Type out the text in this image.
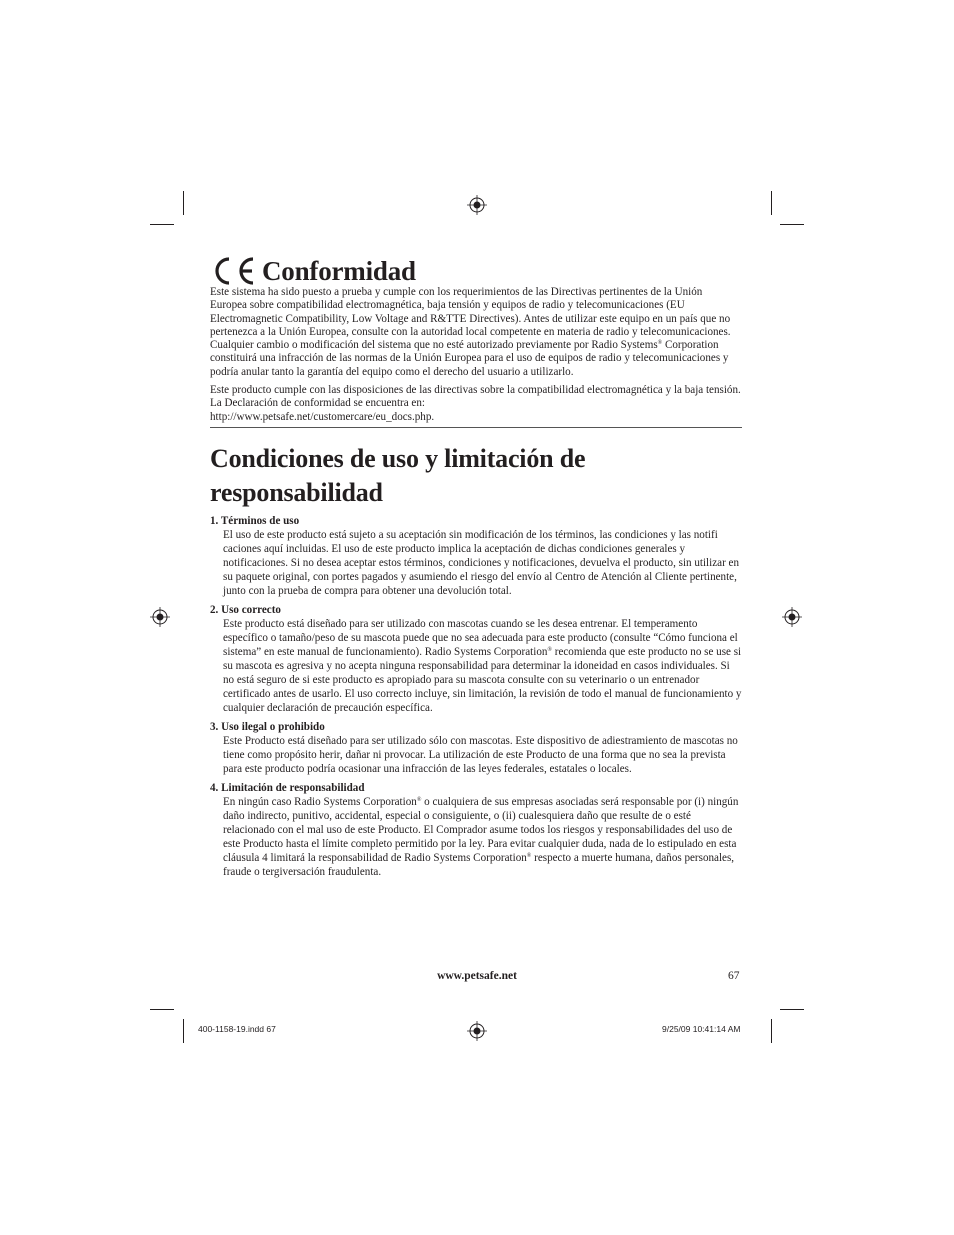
Conformidad

Este sistema ha sido puesto a prueba y cumple con los requerimientos de las Directivas pertinentes de la Unión Europea sobre compatibilidad electromagnética, baja tensión y equipos de radio y telecomunicaciones (EU Electromagnetic Compatibility, Low Voltage and R&TTE Directives). Antes de utilizar este equipo en un país que no pertenezca a la Unión Europea, consulte con la autoridad local competente en materia de radio y telecomunicaciones. Cualquier cambio o modificación del sistema que no esté autorizado previamente por Radio Systems® Corporation constituirá una infracción de las normas de la Unión Europea para el uso de equipos de radio y telecomunicaciones y podría anular tanto la garantía del equipo como el derecho del usuario a utilizarlo.

Este producto cumple con las disposiciones de las directivas sobre la compatibilidad electromagnética y la baja tensión. La Declaración de conformidad se encuentra en:
http://www.petsafe.net/customercare/eu_docs.php.

Condiciones de uso y limitación de responsabilidad
1. Términos de uso
El uso de este producto está sujeto a su aceptación sin modificación de los términos, las condiciones y las notifi caciones aquí incluidas. El uso de este producto implica la aceptación de dichas condiciones generales y notificaciones. Si no desea aceptar estos términos, condiciones y notificaciones, devuelva el producto, sin utilizar en su paquete original, con portes pagados y asumiendo el riesgo del envío al Centro de Atención al Cliente pertinente, junto con la prueba de compra para obtener una devolución total.
2. Uso correcto
Este producto está diseñado para ser utilizado con mascotas cuando se les desea entrenar. El temperamento específico o tamaño/peso de su mascota puede que no sea adecuada para este producto (consulte “Cómo funciona el sistema” en este manual de funcionamiento). Radio Systems Corporation® recomienda que este producto no se use si su mascota es agresiva y no acepta ninguna responsabilidad para determinar la idoneidad en casos individuales. Si no está seguro de si este producto es apropiado para su mascota consulte con su veterinario o un entrenador certificado antes de usarlo. El uso correcto incluye, sin limitación, la revisión de todo el manual de funcionamiento y cualquier declaración de precaución específica.
3. Uso ilegal o prohibido
Este Producto está diseñado para ser utilizado sólo con mascotas. Este dispositivo de adiestramiento de mascotas no tiene como propósito herir, dañar ni provocar. La utilización de este Producto de una forma que no sea la prevista para este producto podría ocasionar una infracción de las leyes federales, estatales o locales.
4. Limitación de responsabilidad
En ningún caso Radio Systems Corporation® o cualquiera de sus empresas asociadas será responsable por (i) ningún daño indirecto, punitivo, accidental, especial o consiguiente, o (ii) cualesquiera daño que resulte de o esté relacionado con el mal uso de este Producto. El Comprador asume todos los riesgos y responsabilidades del uso de este Producto hasta el límite completo permitido por la ley. Para evitar cualquier duda, nada de lo estipulado en esta cláusula 4 limitará la responsabilidad de Radio Systems Corporation® respecto a muerte humana, daños personales, fraude o tergiversación fraudulenta.
www.petsafe.net	67
400-1158-19.indd 67	9/25/09 10:41:14 AM
